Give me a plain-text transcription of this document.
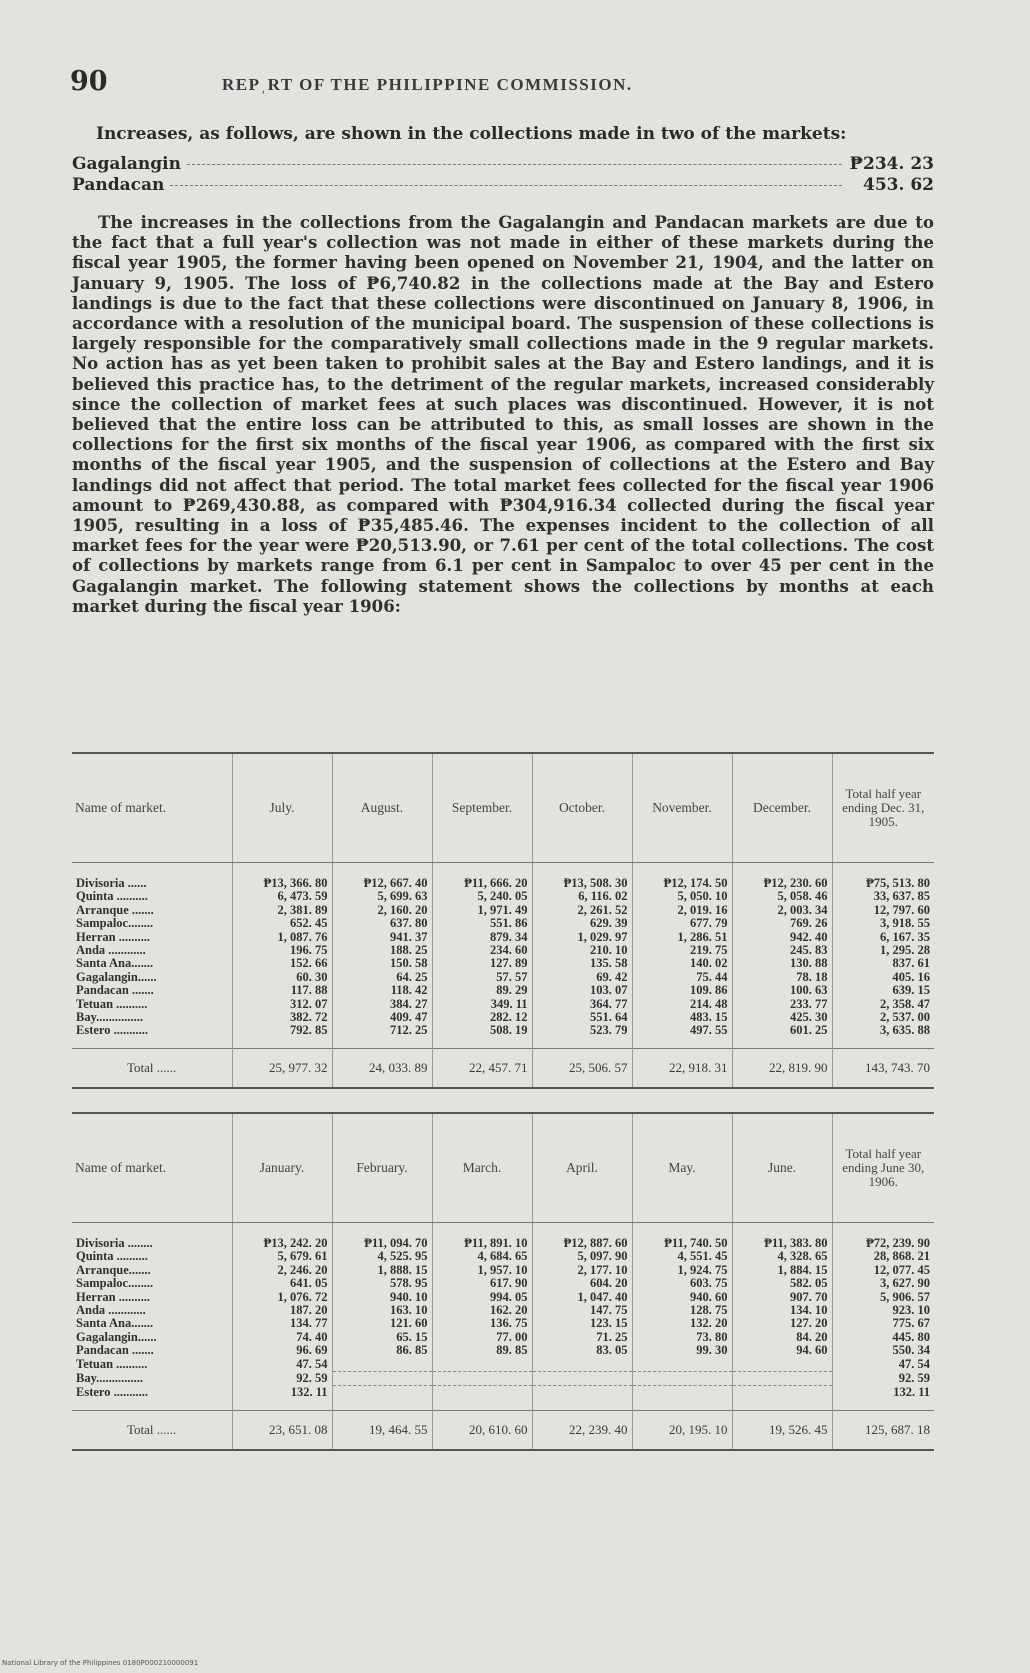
90	REPˌRT OF THE PHILIPPINE COMMISSION.
Increases, as follows, are shown in the collections made in two of the markets:
Gagalangin	₱234. 23
Pandacan	453. 62

The increases in the collections from the Gagalangin and Pandacan markets are due to the fact that a full year's collection was not made in either of these markets during the fiscal year 1905, the former having been opened on November 21, 1904, and the latter on January 9, 1905. The loss of ₱6,740.82 in the collections made at the Bay and Estero landings is due to the fact that these collections were discontinued on January 8, 1906, in accordance with a resolution of the municipal board. The suspension of these collections is largely responsible for the comparatively small collections made in the 9 regular markets. No action has as yet been taken to prohibit sales at the Bay and Estero landings, and it is believed this practice has, to the detriment of the regular markets, increased considerably since the collection of market fees at such places was discontinued. However, it is not believed that the entire loss can be attributed to this, as small losses are shown in the collections for the first six months of the fiscal year 1906, as compared with the first six months of the fiscal year 1905, and the suspension of collections at the Estero and Bay landings did not affect that period. The total market fees collected for the fiscal year 1906 amount to ₱269,430.88, as compared with ₱304,916.34 collected during the fiscal year 1905, resulting in a loss of ₱35,485.46. The expenses incident to the collection of all market fees for the year were ₱20,513.90, or 7.61 per cent of the total collections. The cost of collections by markets range from 6.1 per cent in Sampaloc to over 45 per cent in the Gagalangin market. The following statement shows the collections by months at each market during the fiscal year 1906:

Name of market.	July.	August.	September.	October.	November.	December.	Total half year ending Dec. 31, 1905.
Divisoria ......	₱13, 366. 80	₱12, 667. 40	₱11, 666. 20	₱13, 508. 30	₱12, 174. 50	₱12, 230. 60	₱75, 513. 80
Quinta ..........	6, 473. 59	5, 699. 63	5, 240. 05	6, 116. 02	5, 050. 10	5, 058. 46	33, 637. 85
Arranque .......	2, 381. 89	2, 160. 20	1, 971. 49	2, 261. 52	2, 019. 16	2, 003. 34	12, 797. 60
Sampaloc........	652. 45	637. 80	551. 86	629. 39	677. 79	769. 26	3, 918. 55
Herran ..........	1, 087. 76	941. 37	879. 34	1, 029. 97	1, 286. 51	942. 40	6, 167. 35
Anda ............	196. 75	188. 25	234. 60	210. 10	219. 75	245. 83	1, 295. 28
Santa Ana.......	152. 66	150. 58	127. 89	135. 58	140. 02	130. 88	837. 61
Gagalangin......	60. 30	64. 25	57. 57	69. 42	75. 44	78. 18	405. 16
Pandacan .......	117. 88	118. 42	89. 29	103. 07	109. 86	100. 63	639. 15
Tetuan ..........	312. 07	384. 27	349. 11	364. 77	214. 48	233. 77	2, 358. 47
Bay...............	382. 72	409. 47	282. 12	551. 64	483. 15	425. 30	2, 537. 00
Estero ...........	792. 85	712. 25	508. 19	523. 79	497. 55	601. 25	3, 635. 88
Total ......	25, 977. 32	24, 033. 89	22, 457. 71	25, 506. 57	22, 918. 31	22, 819. 90	143, 743. 70
Name of market.	January.	February.	March.	April.	May.	June.	Total half year ending June 30, 1906.
Divisoria ........	₱13, 242. 20	₱11, 094. 70	₱11, 891. 10	₱12, 887. 60	₱11, 740. 50	₱11, 383. 80	₱72, 239. 90
Quinta ..........	5, 679. 61	4, 525. 95	4, 684. 65	5, 097. 90	4, 551. 45	4, 328. 65	28, 868. 21
Arranque.......	2, 246. 20	1, 888. 15	1, 957. 10	2, 177. 10	1, 924. 75	1, 884. 15	12, 077. 45
Sampaloc........	641. 05	578. 95	617. 90	604. 20	603. 75	582. 05	3, 627. 90
Herran ..........	1, 076. 72	940. 10	994. 05	1, 047. 40	940. 60	907. 70	5, 906. 57
Anda ............	187. 20	163. 10	162. 20	147. 75	128. 75	134. 10	923. 10
Santa Ana.......	134. 77	121. 60	136. 75	123. 15	132. 20	127. 20	775. 67
Gagalangin......	74. 40	65. 15	77. 00	71. 25	73. 80	84. 20	445. 80
Pandacan .......	96. 69	86. 85	89. 85	83. 05	99. 30	94. 60	550. 34
Tetuan ..........	47. 54						47. 54
Bay...............	92. 59						92. 59
Estero ...........	132. 11						132. 11
Total ......	23, 651. 08	19, 464. 55	20, 610. 60	22, 239. 40	20, 195. 10	19, 526. 45	125, 687. 18
National Library of the Philippines 0180P000210000091
